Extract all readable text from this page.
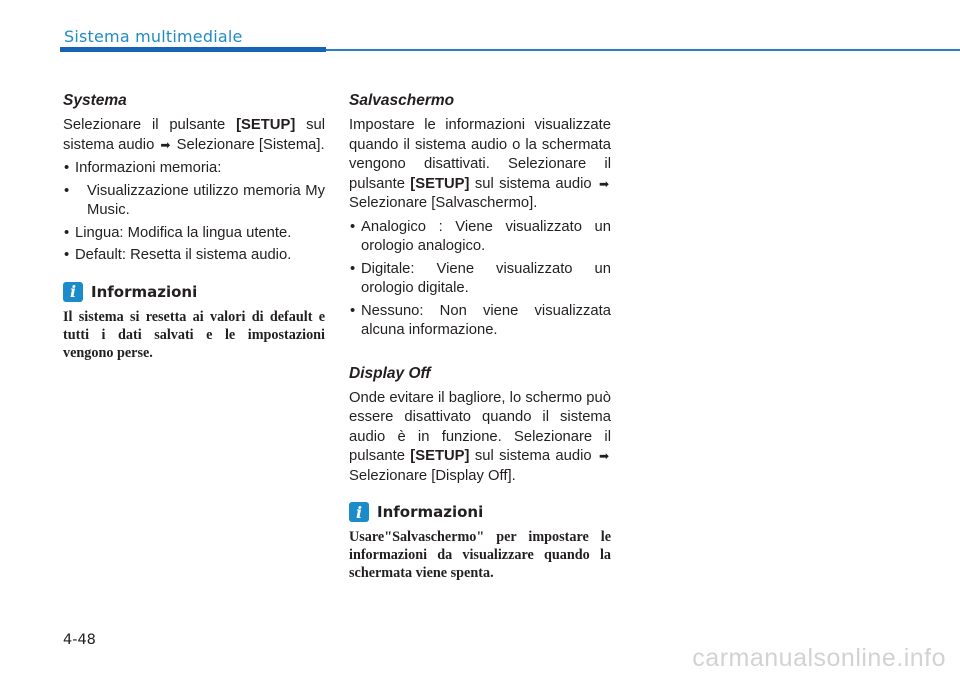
Sistema multimediale
Systema

Selezionare il pulsante [SETUP] sul sistema audio ➡ Selezionare [Sistema].

• Informazioni memoria:
• Visualizzazione utilizzo memoria My Music.
• Lingua: Modifica la lingua utente.
• Default: Resetta il sistema audio.
i Informazioni

Il sistema si resetta ai valori di default e tutti i dati salvati e le impostazioni vengono perse.

Salvaschermo

Impostare le informazioni visualizzate quando il sistema audio o la schermata vengono disattivati. Selezionare il pulsante [SETUP] sul sistema audio ➡ Selezionare [Salvaschermo].

• Analogico : Viene visualizzato un orologio analogico.
• Digitale: Viene visualizzato un orologio digitale.
• Nessuno: Non viene visualizzata alcuna informazione.
Display Off

Onde evitare il bagliore, lo schermo può essere disattivato quando il sistema audio è in funzione. Selezionare il pulsante [SETUP] sul sistema audio ➡ Selezionare [Display Off].

i Informazioni

Usare"Salvaschermo" per impostare le informazioni da visualizzare quando la schermata viene spenta.

4-48
carmanualsonline.info
